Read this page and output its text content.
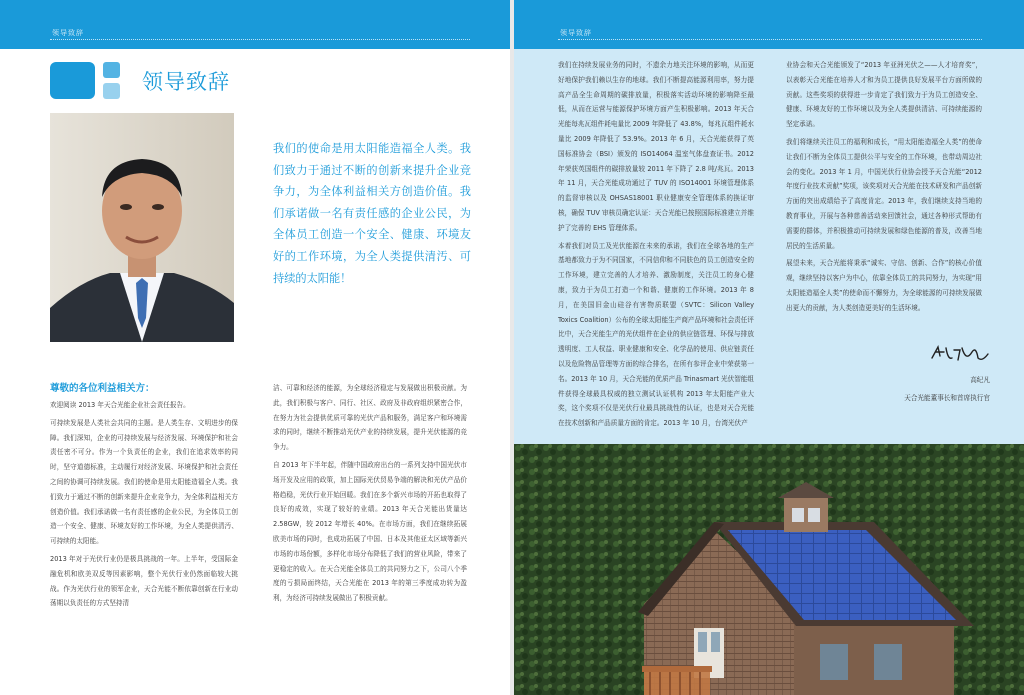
领导致辞	领导致辞
领导致辞
我们的使命是用太阳能造福全人类。我们致力于通过不断的创新来提升企业竞争力，为全体利益相关方创造价值。我们承诺做一名有责任感的企业公民，为全体员工创造一个安全、健康、环境友好的工作环境，为全人类提供清汚、可持续的太阳能！
尊敬的各位利益相关方：

欢迎阅读 2013 年天合光能企业社会责任报告。

可持续发展是人类社会共同的主题。是人类生存、文明进步的保障。我们深知，企业的可持续发展与经济发展、环境保护和社会责任密不可分。作为一个负责任的企业，我们在追求效率的同时，坚守道德标准，主动履行对经济发展、环境保护和社会责任之间的协调可持续发展。我们的使命是用太阳能造福全人类。我们致力于通过不断的创新来提升企业竞争力，为全体利益相关方创造价值。我们承诺做一名有责任感的企业公民，为全体员工创造一个安全、健康、环境友好的工作环境，为全人类提供清汚、可持续的太阳能。

2013 年对于光伏行业仍是极具挑战的一年。上半年，受国际金融危机和欧美双反等因素影响，整个光伏行业仍然面临较大挑战。作为光伏行业的领军企业，天合光能不断依靠创新在行业动荡期以负责任的方式坚持清

洁、可靠和经济的能源，为全球经济稳定与发展做出积极贡献。为此，我们积极与客户、同行、社区、政府及非政府组织紧密合作，在努力为社会提供优质可靠的光伏产品和服务，满足客户和环境需求的同时，继续不断推动光伏产业的持续发展，提升光伏能源的竞争力。

自 2013 年下半年起，伴随中国政府出台的一系列支持中国光伏市场开发及应用的政策，加上国际光伏贸易争端的解决和光伏产品价格趋稳，光伏行业开始回暖。我们在多个新兴市场的开拓也取得了良好的成效，实现了较好的业绩。2013 年天合光能出货量达 2.58GW，较 2012 年增长 40%。在市场方面，我们在继续拓展欧美市场的同时，也成功拓展了中国、日本及其他亚太区域等新兴市场的市场份额，多样化市场分布降低了我们的营业风险，带来了更稳定的收入。在天合光能全体员工的共同努力之下，公司八个季度的亏损局面终结，天合光能在 2013 年的第三季度成功转为盈利，为经济可持续发展做出了积极贡献。

我们在持续发展业务的同时，不遗余力地关注环境的影响，从而更好地保护我们赖以生存的地球。我们不断提高能源利用率，努力提高产品全生命周期的碳排放量，积极落实活动环境的影响降至最低，从而在运营与能源保护环境方面产生积极影响。2013 年天合光能每兆瓦组件耗电量比 2009 年降低了 43.8%，每兆瓦组件耗水量比 2009 年降低了 53.9%。2013 年 6 月，天合光能获得了英国标准协会（BSI）颁发的 ISO14064 温室气体盘查证书。2012 年荣获英国组件的碳排放量较 2011 年下降了 2.8 吨/兆瓦。2013 年 11 月，天合光能成功通过了 TUV 的 ISO14001 环境管理体系的监督审核以及 OHSAS18001 职业健康安全管理体系的换证审核，确保 TUV 审核员确定认证：天合光能已按照国际标准建立并维护了完善的 EHS 管理体系。

本着我们对员工及光伏能源在未来的承诺，我们在全球各地的生产基地都致力于为不同国家，不同信仰和不同肤色的员工创造安全的工作环境，建立完善的人才培养、激励制度，关注员工的身心健康，致力于为员工打造一个和谐、健康的工作环境。2013 年 8 月，在美国旧金山硅谷有害物质联盟（SVTC：Silicon Valley Toxics Coalition）公布的全球太阳能生产商产品环境和社会责任评比中，天合光能生产的光伏组件在企业的供应链管理、环保与排放透明度、工人权益、职业健康和安全、化学品的使用、供应链责任以及危险物品管理等方面的综合排名，在所有参评企业中荣获第一名。2013 年 10 月，天合光能的优质产品 Trinasmart 光伏智能组件获得全球最具权威的独立测试认证机构 2013 年太阳能产业大奖，这个奖项不仅是光伏行业最具挑战性的认证，也是对天合光能在技术创新和产品质量方面的肯定。2013 年 10 月，台湾光伏产

业协会和天合光能颁发了“2013 年亚洲光伏之——人才培育奖”，以表彰天合光能在培养人才和为员工提供良好发展平台方面所做的贡献。这些奖项的获得进一步肯定了我们致力于为员工创造安全、健康、环境友好的工作环境以及为全人类提供清洁、可持续能源的坚定承诺。

我们将继续关注员工的福利和成长，“用太阳能造福全人类”的使命让我们不断为全体员工提供公平与安全的工作环境，也带动周边社会的变化。2013 年 1 月，中国光伏行业协会授予天合光能“2012 年度行业技术贡献”奖项，该奖项对天合光能在技术研发和产品创新方面的突出成绩给予了高度肯定。2013 年，我们继续支持当地的教育事业，开展与各种慈善活动来回馈社会，通过各种形式帮助有需要的群体，并积极推动可持续发展和绿色能源的普及，改善当地居民的生活质量。

展望未来，天合光能将秉承“诚实、守信、创新、合作”的核心价值观，继续坚持以客户为中心，依靠全体员工的共同努力，为实现“用太阳能造福全人类”的使命而不懈努力，为全球能源的可持续发展做出更大的贡献，为人类创造更美好的生活环境。

高纪凡
天合光能董事长和首席执行官
